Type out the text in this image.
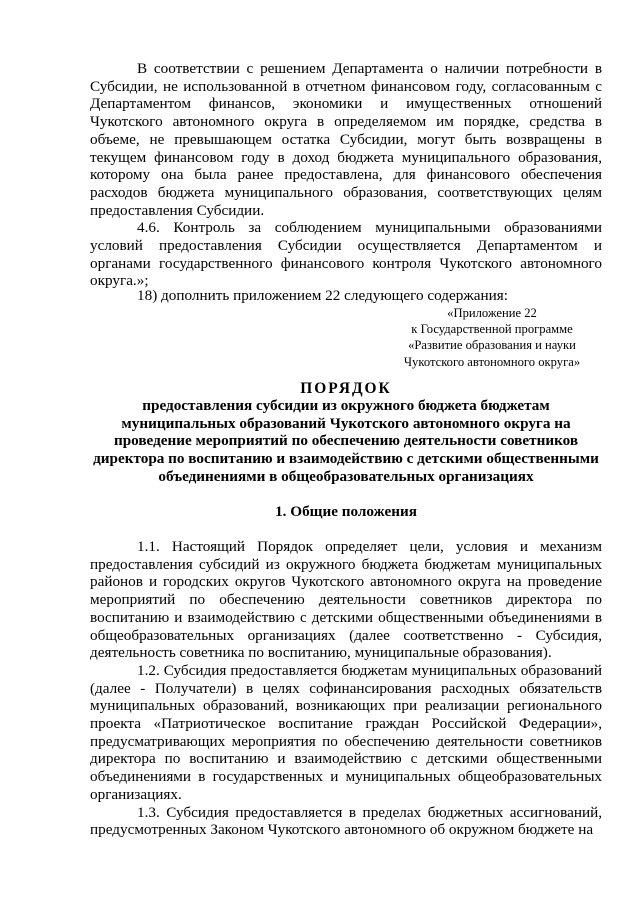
В соответствии с решением Департамента о наличии потребности в Субсидии, не использованной в отчетном финансовом году, согласованным с Департаментом финансов, экономики и имущественных отношений Чукотского автономного округа в определяемом им порядке, средства в объеме, не превышающем остатка Субсидии, могут быть возвращены в текущем финансовом году в доход бюджета муниципального образования, которому она была ранее предоставлена, для финансового обеспечения расходов бюджета муниципального образования, соответствующих целям предоставления Субсидии.

4.6. Контроль за соблюдением муниципальными образованиями условий предоставления Субсидии осуществляется Департаментом и органами государственного финансового контроля Чукотского автономного округа.»;

18) дополнить приложением 22 следующего содержания:

«Приложение 22
к Государственной программе
«Развитие образования и науки
Чукотского автономного округа»
ПОРЯДОК
предоставления субсидии из окружного бюджета бюджетам муниципальных образований Чукотского автономного округа на проведение мероприятий по обеспечению деятельности советников директора по воспитанию и взаимодействию с детскими общественными объединениями в общеобразовательных организациях
1. Общие положения

1.1. Настоящий Порядок определяет цели, условия и механизм предоставления субсидий из окружного бюджета бюджетам муниципальных районов и городских округов Чукотского автономного округа на проведение мероприятий по обеспечению деятельности советников директора по воспитанию и взаимодействию с детскими общественными объединениями в общеобразовательных организациях (далее соответственно - Субсидия, деятельность советника по воспитанию, муниципальные образования).

1.2. Субсидия предоставляется бюджетам муниципальных образований (далее - Получатели) в целях софинансирования расходных обязательств муниципальных образований, возникающих при реализации регионального проекта «Патриотическое воспитание граждан Российской Федерации», предусматривающих мероприятия по обеспечению деятельности советников директора по воспитанию и взаимодействию с детскими общественными объединениями в государственных и муниципальных общеобразовательных организациях.

1.3. Субсидия предоставляется в пределах бюджетных ассигнований, предусмотренных Законом Чукотского автономного об окружном бюджете на
